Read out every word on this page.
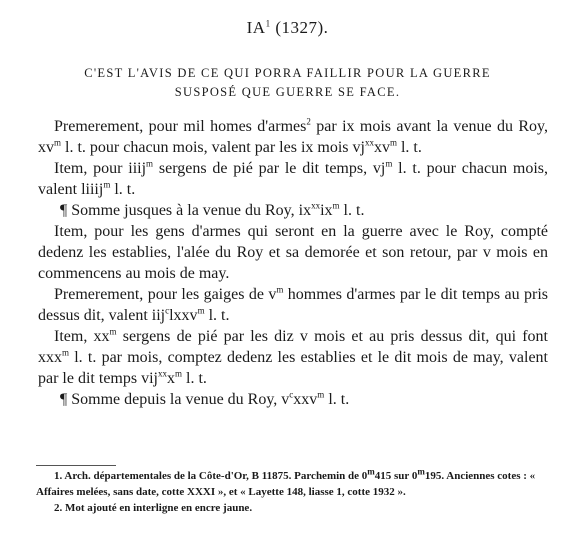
$IA^1$ (1327).
C'EST L'AVIS DE CE QUI PORRA FAILLIR POUR LA GUERRE
SUSPOSÉ QUE GUERRE SE FACE.

Premerement, pour mil homes d'armes$^2$ par ix mois avant la venue du Roy, $xv^m$ l. t. pour chacun mois, valent par les ix mois $vj^{xx}xv^m$ l. t.

Item, pour iiij$^m$ sergens de pié par le dit temps, $vj^m$ l. t. pour chacun mois, valent liiij$^m$ l. t.

¶ Somme jusques à la venue du Roy, $ix^{xx}ix^m$ l. t.

Item, pour les gens d'armes qui seront en la guerre avec le Roy, compté dedenz les establies, l'alée du Roy et sa demorée et son retour, par v mois en commencens au mois de may.

Premerement, pour les gaiges de $v^m$ hommes d'armes par le dit temps au pris dessus dit, valent iij$^c$lxxv$^m$ l. t.

Item, $xx^m$ sergens de pié par les diz v mois et au pris dessus dit, qui font xxx$^m$ l. t. par mois, comptez dedenz les establies et le dit mois de may, valent par le dit temps $vij^{xx}x^m$ l. t.

¶ Somme depuis la venue du Roy, $v^cxxv^m$ l. t.

1. Arch. départementales de la Côte-d'Or, B 11875. Parchemin de 0$^m$415 sur 0$^m$195. Anciennes cotes : « Affaires melées, sans date, cotte XXXI », et « Layette 148, liasse 1, cotte 1932 ».

2. Mot ajouté en interligne en encre jaune.
